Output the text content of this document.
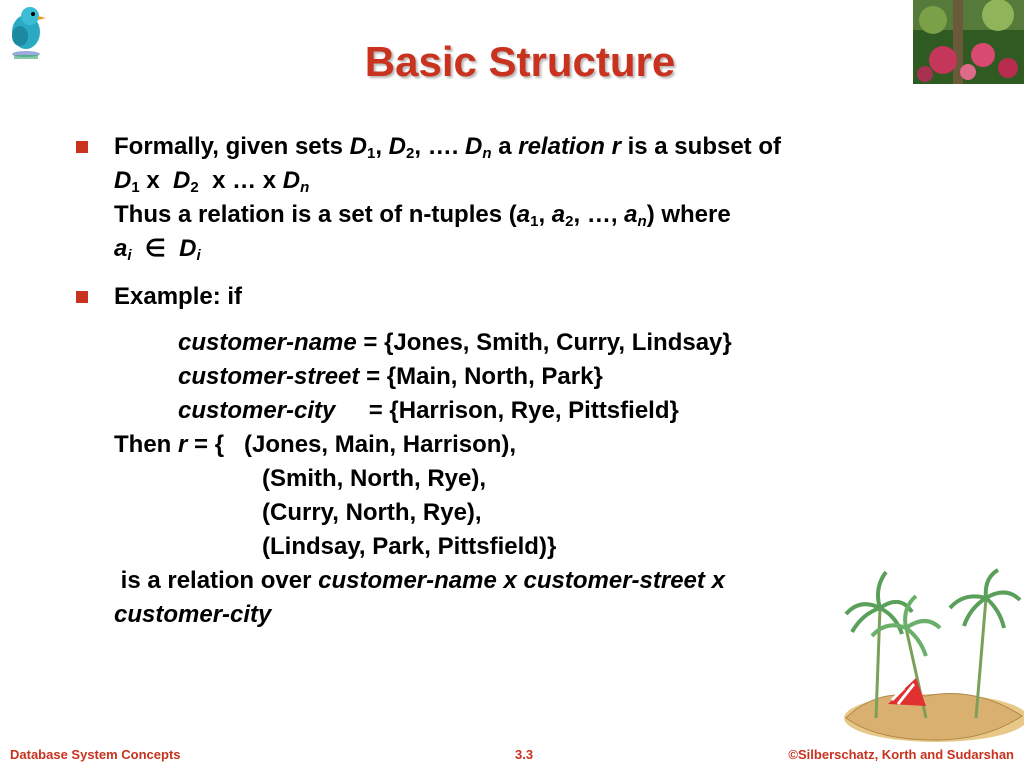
Basic Structure
Formally, given sets $D_1$, $D_2$, …. $D_n$ a relation r is a subset of
$D_1$ x  $D_2$  x … x $D_n$
Thus a relation is a set of n-tuples ($a_1$, $a_2$, …, $a_n$) where
$a_i$  ∈  $D_i$
Example: if
customer-name = {Jones, Smith, Curry, Lindsay}
customer-street = {Main, North, Park}
customer-city     = {Harrison, Rye, Pittsfield}
Then r = {   (Jones, Main, Harrison),
(Smith, North, Rye),
(Curry, North, Rye),
(Lindsay, Park, Pittsfield)}
is a relation over customer-name x customer-street x
customer-city
Database System Concepts	3.3	©Silberschatz, Korth and Sudarshan
